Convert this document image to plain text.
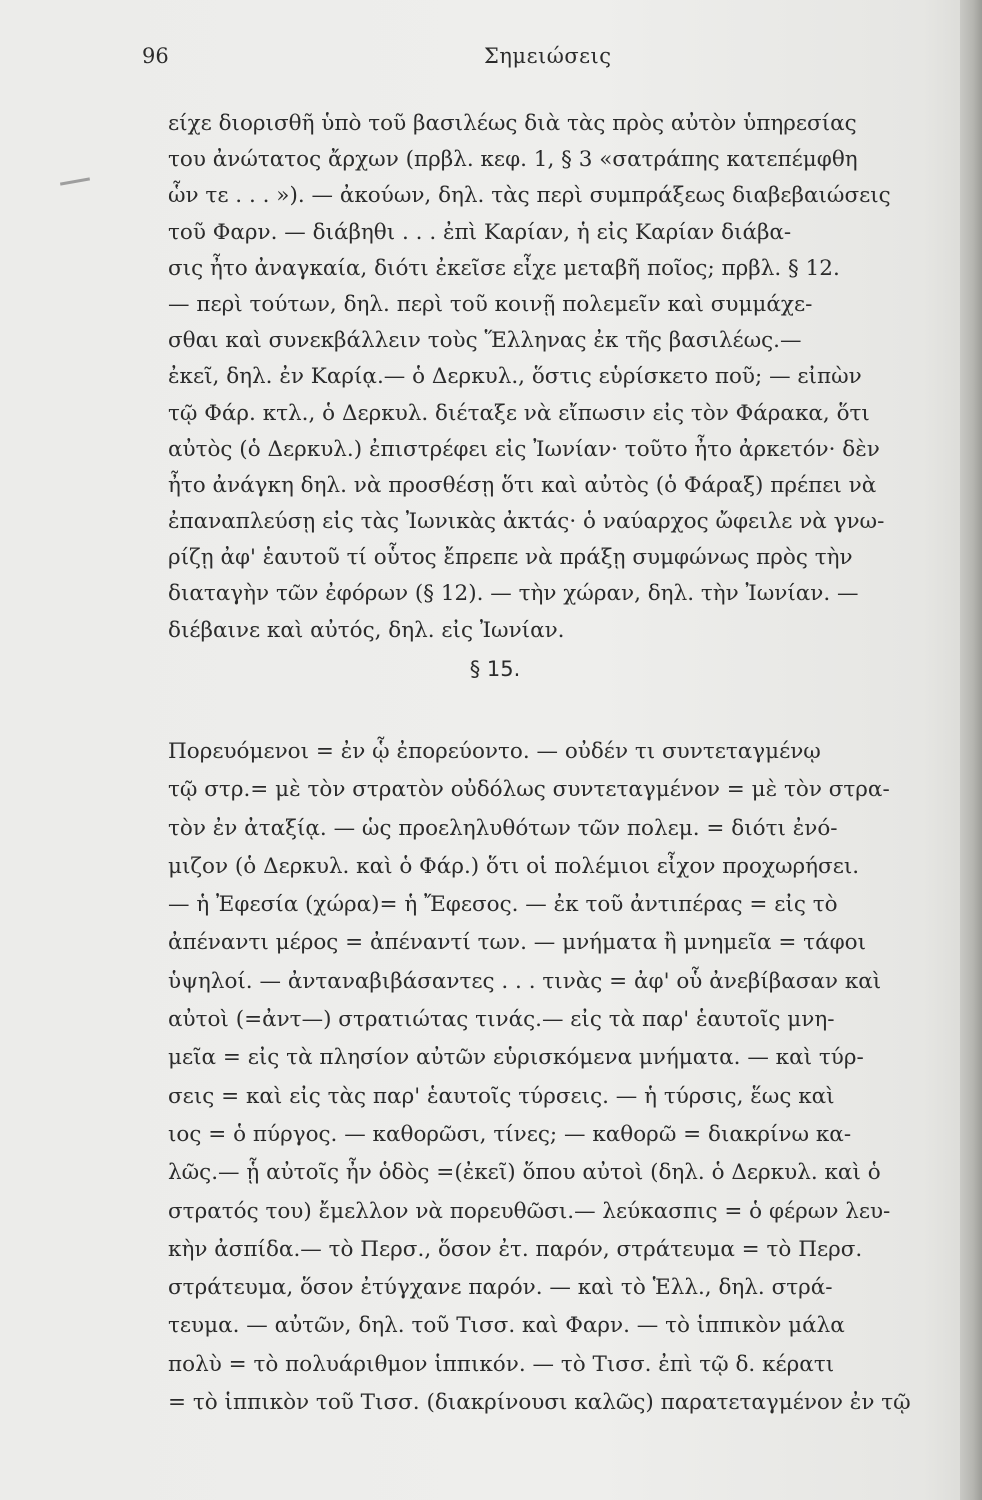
96	Σημειώσεις
είχε διορισθῆ ὑπὸ τοῦ βασιλέως διὰ τὰς πρὸς αὐτὸν ὑπηρεσίας
του ἀνώτατος ἄρχων (πρβλ. κεφ. 1, § 3 «σατράπης κατεπέμφθη
ὧν τε . . . »). — ἀκούων, δηλ. τὰς περὶ συμπράξεως διαβεβαιώσεις
τοῦ Φαρν. — διάβηθι . . . ἐπὶ Καρίαν, ἡ εἰς Καρίαν διάβα-
σις ἦτο ἀναγκαία, διότι ἐκεῖσε εἶχε μεταβῆ ποῖος; πρβλ. § 12.
— περὶ τούτων, δηλ. περὶ τοῦ κοινῇ πολεμεῖν καὶ συμμάχε-
σθαι καὶ συνεκβάλλειν τοὺς Ἕλληνας ἐκ τῆς βασιλέως.—
ἐκεῖ, δηλ. ἐν Καρίᾳ.— ὁ Δερκυλ., ὅστις εὑρίσκετο ποῦ; — εἰπὼν
τῷ Φάρ. κτλ., ὁ Δερκυλ. διέταξε νὰ εἴπωσιν εἰς τὸν Φάρακα, ὅτι
αὐτὸς (ὁ Δερκυλ.) ἐπιστρέφει εἰς Ἰωνίαν· τοῦτο ἦτο ἀρκετόν· δὲν
ἦτο ἀνάγκη δηλ. νὰ προσθέσῃ ὅτι καὶ αὐτὸς (ὁ Φάραξ) πρέπει νὰ
ἐπαναπλεύσῃ εἰς τὰς Ἰωνικὰς ἀκτάς· ὁ ναύαρχος ὤφειλε νὰ γνω-
ρίζῃ ἀφ' ἑαυτοῦ τί οὗτος ἔπρεπε νὰ πράξῃ συμφώνως πρὸς τὴν
διαταγὴν τῶν ἐφόρων (§ 12). — τὴν χώραν, δηλ. τὴν Ἰωνίαν. —
διέβαινε καὶ αὐτός, δηλ. εἰς Ἰωνίαν.
§ 15.
Πορευόμενοι = ἐν ᾧ ἐπορεύοντο. — οὐδέν τι συντεταγμένῳ
τῷ στρ.= μὲ τὸν στρατὸν οὐδόλως συντεταγμένον = μὲ τὸν στρα-
τὸν ἐν ἀταξίᾳ. — ὡς προεληλυθότων τῶν πολεμ. = διότι ἐνό-
μιζον (ὁ Δερκυλ. καὶ ὁ Φάρ.) ὅτι οἱ πολέμιοι εἶχον προχωρήσει.
— ἡ Ἐφεσία (χώρα)= ἡ Ἔφεσος. — ἐκ τοῦ ἀντιπέρας = εἰς τὸ
ἀπέναντι μέρος = ἀπέναντί των. — μνήματα ἢ μνημεῖα = τάφοι
ὑψηλοί. — ἀνταναβιβάσαντες . . . τινὰς = ἀφ' οὗ ἀνεβίβασαν καὶ
αὐτοὶ (=ἀντ—) στρατιώτας τινάς.— εἰς τὰ παρ' ἑαυτοῖς μνη-
μεῖα = εἰς τὰ πλησίον αὐτῶν εὑρισκόμενα μνήματα. — καὶ τύρ-
σεις = καὶ εἰς τὰς παρ' ἑαυτοῖς τύρσεις. — ἡ τύρσις, ἕως καὶ
ιος = ὁ πύργος. — καθορῶσι, τίνες; — καθορῶ = διακρίνω κα-
λῶς.— ᾗ αὐτοῖς ἦν ὁδὸς =(ἐκεῖ) ὅπου αὐτοὶ (δηλ. ὁ Δερκυλ. καὶ ὁ
στρατός του) ἔμελλον νὰ πορευθῶσι.— λεύκασπις = ὁ φέρων λευ-
κὴν ἀσπίδα.— τὸ Περσ., ὅσον ἐτ. παρόν, στράτευμα = τὸ Περσ.
στράτευμα, ὅσον ἐτύγχανε παρόν. — καὶ τὸ Ἑλλ., δηλ. στρά-
τευμα. — αὐτῶν, δηλ. τοῦ Τισσ. καὶ Φαρν. — τὸ ἱππικὸν μάλα
πολὺ = τὸ πολυάριθμον ἱππικόν. — τὸ Τισσ. ἐπὶ τῷ δ. κέρατι
= τὸ ἱππικὸν τοῦ Τισσ. (διακρίνουσι καλῶς) παρατεταγμένον ἐν τῷ
